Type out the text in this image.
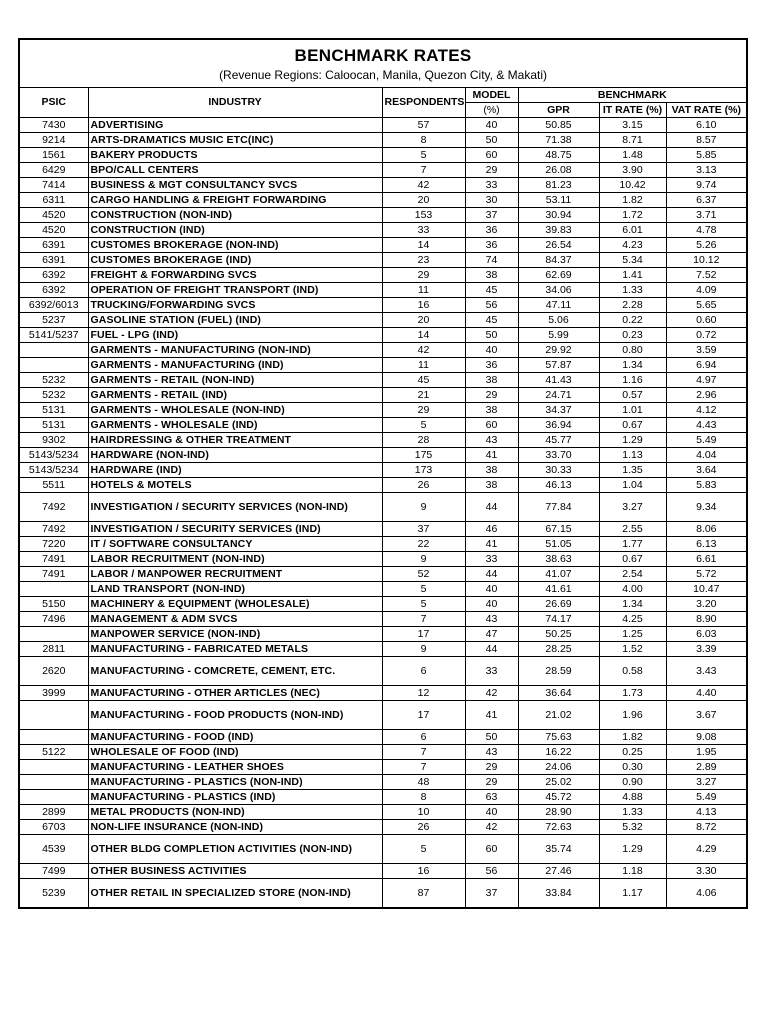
BENCHMARK RATES						

(Revenue Regions: Caloocan, Manila, Quezon City, & Makati)						

PSIC	INDUSTRY	RESPONDENTS	MODEL	BENCHMARK		
			(%)	GPR	IT RATE (%)	VAT RATE (%)
7430	ADVERTISING	57	40	50.85	3.15	6.10
9214	ARTS-DRAMATICS MUSIC ETC(INC)	8	50	71.38	8.71	8.57
1561	BAKERY PRODUCTS	5	60	48.75	1.48	5.85
6429	BPO/CALL CENTERS	7	29	26.08	3.90	3.13
7414	BUSINESS & MGT CONSULTANCY SVCS	42	33	81.23	10.42	9.74
6311	CARGO HANDLING & FREIGHT FORWARDING	20	30	53.11	1.82	6.37
4520	CONSTRUCTION (NON-IND)	153	37	30.94	1.72	3.71
4520	CONSTRUCTION (IND)	33	36	39.83	6.01	4.78
6391	CUSTOMES BROKERAGE (NON-IND)	14	36	26.54	4.23	5.26
6391	CUSTOMES BROKERAGE (IND)	23	74	84.37	5.34	10.12
6392	FREIGHT & FORWARDING SVCS	29	38	62.69	1.41	7.52
6392	OPERATION OF FREIGHT TRANSPORT (IND)	11	45	34.06	1.33	4.09
6392/6013	TRUCKING/FORWARDING SVCS	16	56	47.11	2.28	5.65
5237	GASOLINE STATION (FUEL) (IND)	20	45	5.06	0.22	0.60
5141/5237	FUEL - LPG (IND)	14	50	5.99	0.23	0.72
	GARMENTS - MANUFACTURING (NON-IND)	42	40	29.92	0.80	3.59
	GARMENTS - MANUFACTURING (IND)	11	36	57.87	1.34	6.94
5232	GARMENTS - RETAIL (NON-IND)	45	38	41.43	1.16	4.97
5232	GARMENTS - RETAIL (IND)	21	29	24.71	0.57	2.96
5131	GARMENTS - WHOLESALE (NON-IND)	29	38	34.37	1.01	4.12
5131	GARMENTS - WHOLESALE (IND)	5	60	36.94	0.67	4.43
9302	HAIRDRESSING & OTHER TREATMENT	28	43	45.77	1.29	5.49
5143/5234	HARDWARE (NON-IND)	175	41	33.70	1.13	4.04
5143/5234	HARDWARE (IND)	173	38	30.33	1.35	3.64
5511	HOTELS & MOTELS	26	38	46.13	1.04	5.83
7492	INVESTIGATION / SECURITY SERVICES (NON-IND)	9	44	77.84	3.27	9.34
7492	INVESTIGATION / SECURITY SERVICES (IND)	37	46	67.15	2.55	8.06
7220	IT / SOFTWARE CONSULTANCY	22	41	51.05	1.77	6.13
7491	LABOR RECRUITMENT (NON-IND)	9	33	38.63	0.67	6.61
7491	LABOR / MANPOWER RECRUITMENT	52	44	41.07	2.54	5.72
	LAND TRANSPORT (NON-IND)	5	40	41.61	4.00	10.47
5150	MACHINERY & EQUIPMENT (WHOLESALE)	5	40	26.69	1.34	3.20
7496	MANAGEMENT & ADM SVCS	7	43	74.17	4.25	8.90
	MANPOWER SERVICE (NON-IND)	17	47	50.25	1.25	6.03
2811	MANUFACTURING - FABRICATED METALS	9	44	28.25	1.52	3.39
2620	MANUFACTURING - COMCRETE, CEMENT, ETC.	6	33	28.59	0.58	3.43
3999	MANUFACTURING - OTHER ARTICLES (NEC)	12	42	36.64	1.73	4.40
	MANUFACTURING - FOOD PRODUCTS (NON-IND)	17	41	21.02	1.96	3.67
	MANUFACTURING - FOOD (IND)	6	50	75.63	1.82	9.08
5122	WHOLESALE OF FOOD (IND)	7	43	16.22	0.25	1.95
	MANUFACTURING - LEATHER SHOES	7	29	24.06	0.30	2.89
	MANUFACTURING - PLASTICS (NON-IND)	48	29	25.02	0.90	3.27
	MANUFACTURING - PLASTICS (IND)	8	63	45.72	4.88	5.49
2899	METAL PRODUCTS (NON-IND)	10	40	28.90	1.33	4.13
6703	NON-LIFE INSURANCE (NON-IND)	26	42	72.63	5.32	8.72
4539	OTHER BLDG COMPLETION ACTIVITIES (NON-IND)	5	60	35.74	1.29	4.29
7499	OTHER BUSINESS ACTIVITIES	16	56	27.46	1.18	3.30
5239	OTHER RETAIL IN SPECIALIZED STORE (NON-IND)	87	37	33.84	1.17	4.06
